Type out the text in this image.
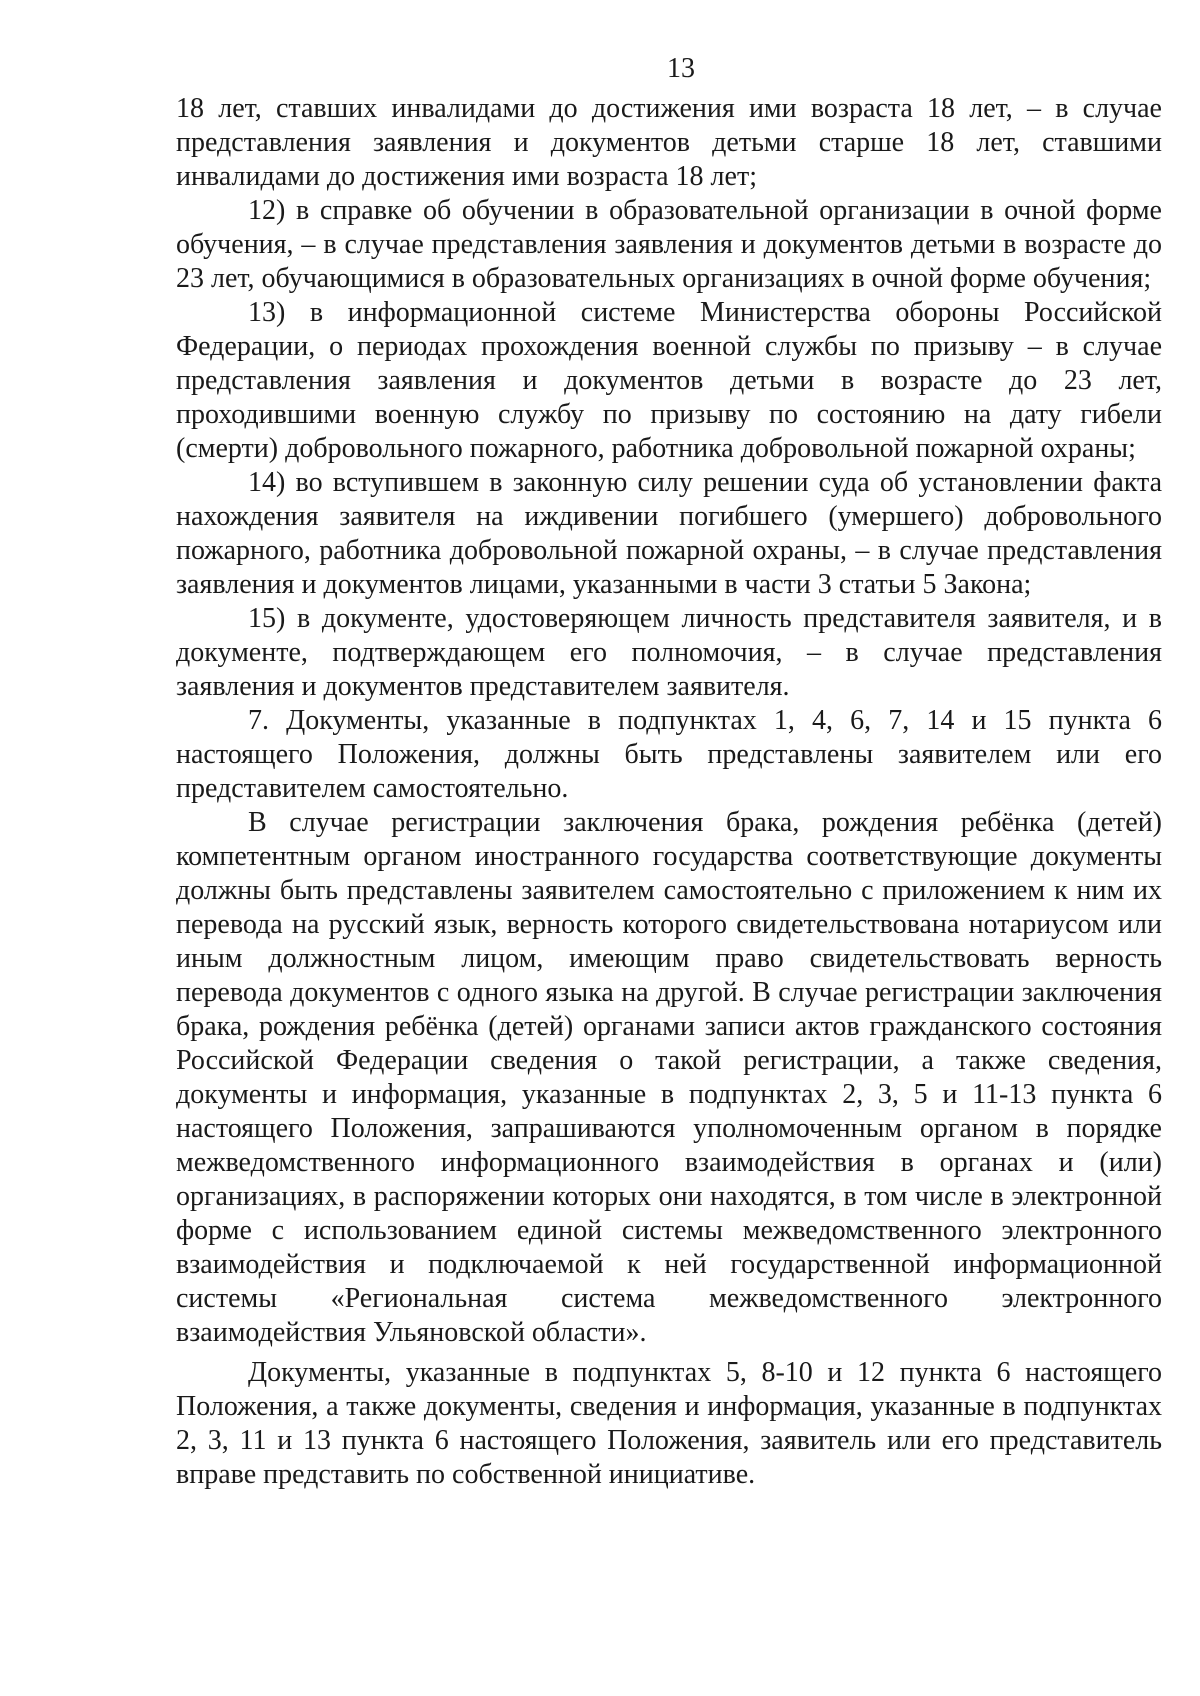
13

18 лет, ставших инвалидами до достижения ими возраста 18 лет, – в случае представления заявления и документов детьми старше 18 лет, ставшими инвалидами до достижения ими возраста 18 лет;

12) в справке об обучении в образовательной организации в очной форме обучения, – в случае представления заявления и документов детьми в возрасте до 23 лет, обучающимися в образовательных организациях в очной форме обучения;

13) в информационной системе Министерства обороны Российской Федерации, о периодах прохождения военной службы по призыву – в случае представления заявления и документов детьми в возрасте до 23 лет, проходившими военную службу по призыву по состоянию на дату гибели (смерти) добровольного пожарного, работника добровольной пожарной охраны;

14) во вступившем в законную силу решении суда об установлении факта нахождения заявителя на иждивении погибшего (умершего) добровольного пожарного, работника добровольной пожарной охраны, – в случае представления заявления и документов лицами, указанными в части 3 статьи 5 Закона;

15) в документе, удостоверяющем личность представителя заявителя, и в документе, подтверждающем его полномочия, – в случае представления заявления и документов представителем заявителя.

7. Документы, указанные в подпунктах 1, 4, 6, 7, 14 и 15 пункта 6 настоящего Положения, должны быть представлены заявителем или его представителем самостоятельно.

В случае регистрации заключения брака, рождения ребёнка (детей) компетентным органом иностранного государства соответствующие документы должны быть представлены заявителем самостоятельно с приложением к ним их перевода на русский язык, верность которого свидетельствована нотариусом или иным должностным лицом, имеющим право свидетельствовать верность перевода документов с одного языка на другой. В случае регистрации заключения брака, рождения ребёнка (детей) органами записи актов гражданского состояния Российской Федерации сведения о такой регистрации, а также сведения, документы и информация, указанные в подпунктах 2, 3, 5 и 11-13 пункта 6 настоящего Положения, запрашиваются уполномоченным органом в порядке межведомственного информационного взаимодействия в органах и (или) организациях, в распоряжении которых они находятся, в том числе в электронной форме с использованием единой системы межведомственного электронного взаимодействия и подключаемой к ней государственной информационной системы «Региональная система межведомственного электронного взаимодействия Ульяновской области».

Документы, указанные в подпунктах 5, 8-10 и 12 пункта 6 настоящего Положения, а также документы, сведения и информация, указанные в подпунктах 2, 3, 11 и 13 пункта 6 настоящего Положения, заявитель или его представитель вправе представить по собственной инициативе.
